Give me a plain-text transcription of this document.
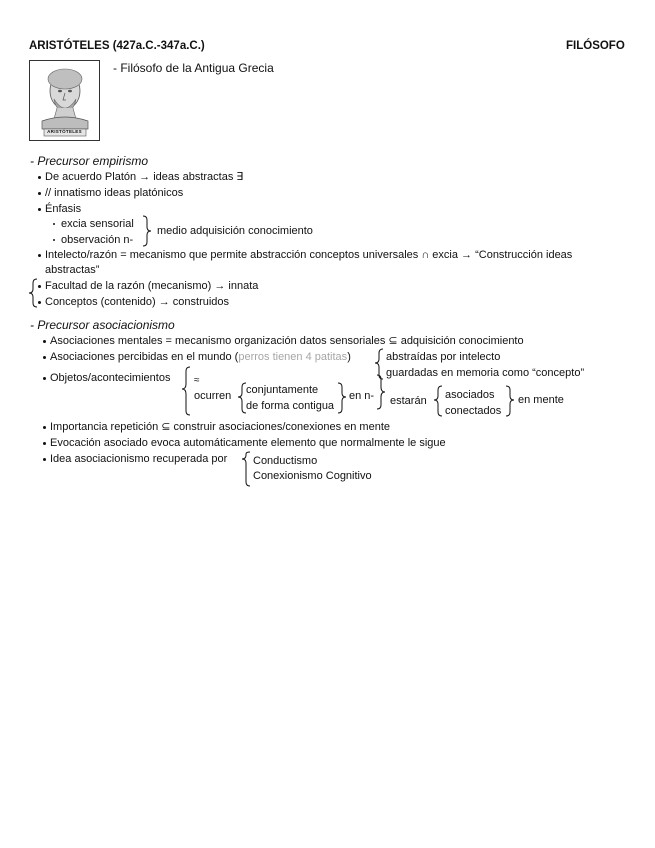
ARISTÓTELES (427a.C.-347a.C.)	FILÓSOFO
ARISTÓTELES
- Filósofo de la Antigua Grecia
- Precursor empirismo
De acuerdo Platón → ideas abstractas ∃
// innatismo ideas platónicos
Énfasis
excia sensorial
observación n-
medio adquisición conocimiento
Intelecto/razón = mecanismo que permite abstracción conceptos universales ∩ excia → “Construcción ideas
abstractas”
Facultad de la razón (mecanismo) → innata
Conceptos (contenido) → construidos
- Precursor asociacionismo
Asociaciones mentales = mecanismo organización datos sensoriales ⊆ adquisición conocimiento
Asociaciones percibidas en el mundo (perros tienen 4 patitas)	abstraídas por intelecto
guardadas en memoria como “concepto”
Objetos/acontecimientos ≈
ocurren conjuntamente
de forma contigua
en n- estarán asociados
conectados
en mente
Importancia repetición ⊆ construir asociaciones/conexiones en mente
Evocación asociado evoca automáticamente elemento que normalmente le sigue
Idea asociacionismo recuperada por Conductismo
Conexionismo Cognitivo
